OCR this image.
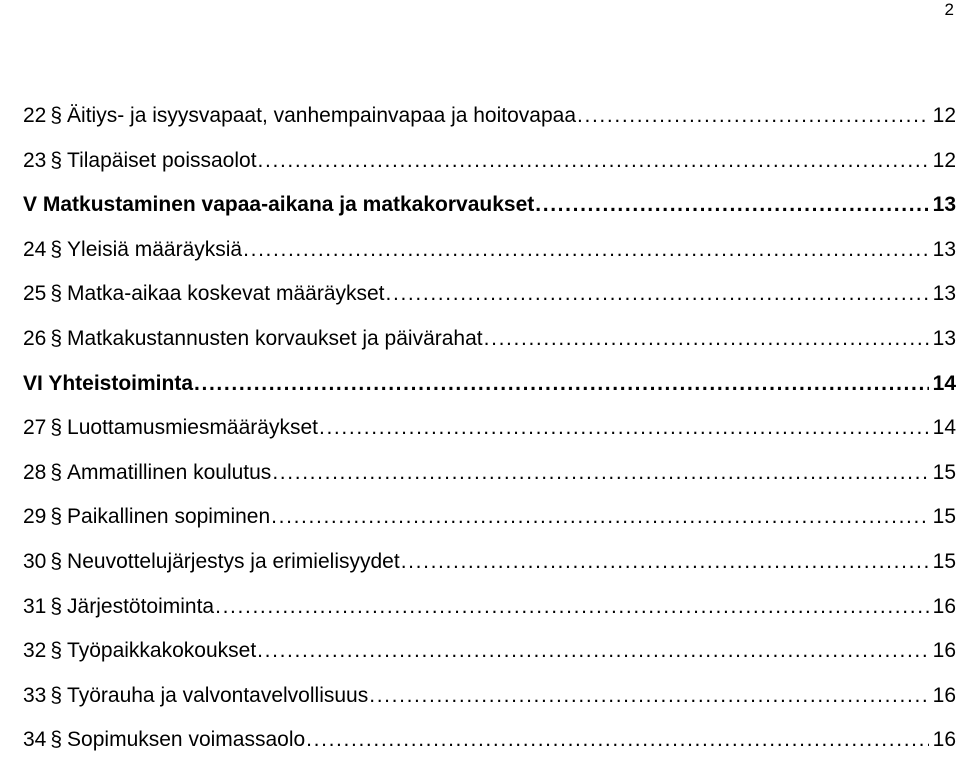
2
22 § Äitiys- ja isyysvapaat, vanhempainvapaa ja hoitovapaa . . .	12
23 § Tilapäiset poissaolot . . .	12
V Matkustaminen vapaa-aikana ja matkakorvaukset . . .	13
24 § Yleisiä määräyksiä . . .	13
25 § Matka-aikaa koskevat määräykset . . .	13
26 § Matkakustannusten korvaukset ja päivärahat . . .	13
VI Yhteistoiminta . . .	14
27 § Luottamusmiesmääräykset . . .	14
28 § Ammatillinen koulutus . . .	15
29 § Paikallinen sopiminen . . .	15
30 § Neuvottelujärjestys ja erimielisyydet . . .	15
31 § Järjestötoiminta . . .	16
32 § Työpaikkakokoukset . . .	16
33 § Työrauha ja valvontavelvollisuus . . .	16
34 § Sopimuksen voimassaolo . . .	16
